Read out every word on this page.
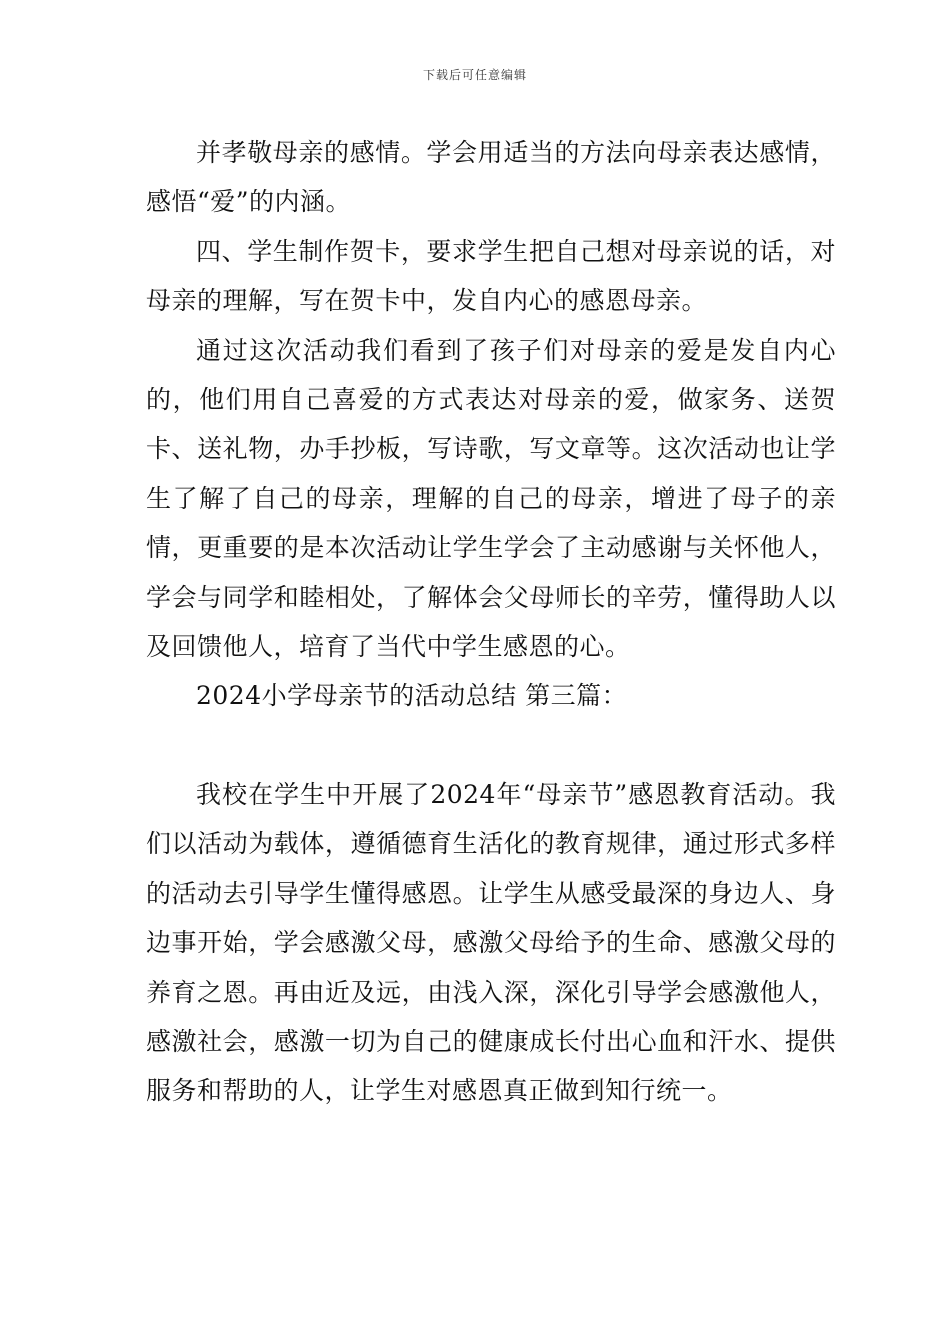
下载后可任意编辑

并孝敬母亲的感情。学会用适当的方法向母亲表达感情，感悟“爱”的内涵。

四、学生制作贺卡，要求学生把自己想对母亲说的话，对母亲的理解，写在贺卡中，发自内心的感恩母亲。

通过这次活动我们看到了孩子们对母亲的爱是发自内心的，他们用自己喜爱的方式表达对母亲的爱，做家务、送贺卡、送礼物，办手抄板，写诗歌，写文章等。这次活动也让学生了解了自己的母亲，理解的自己的母亲，增进了母子的亲情，更重要的是本次活动让学生学会了主动感谢与关怀他人，学会与同学和睦相处，了解体会父母师长的辛劳，懂得助人以及回馈他人，培育了当代中学生感恩的心。

2024小学母亲节的活动总结 第三篇：

我校在学生中开展了2024年“母亲节”感恩教育活动。我们以活动为载体，遵循德育生活化的教育规律，通过形式多样的活动去引导学生懂得感恩。让学生从感受最深的身边人、身边事开始，学会感激父母，感激父母给予的生命、感激父母的养育之恩。再由近及远，由浅入深，深化引导学会感激他人，感激社会，感激一切为自己的健康成长付出心血和汗水、提供服务和帮助的人，让学生对感恩真正做到知行统一。
